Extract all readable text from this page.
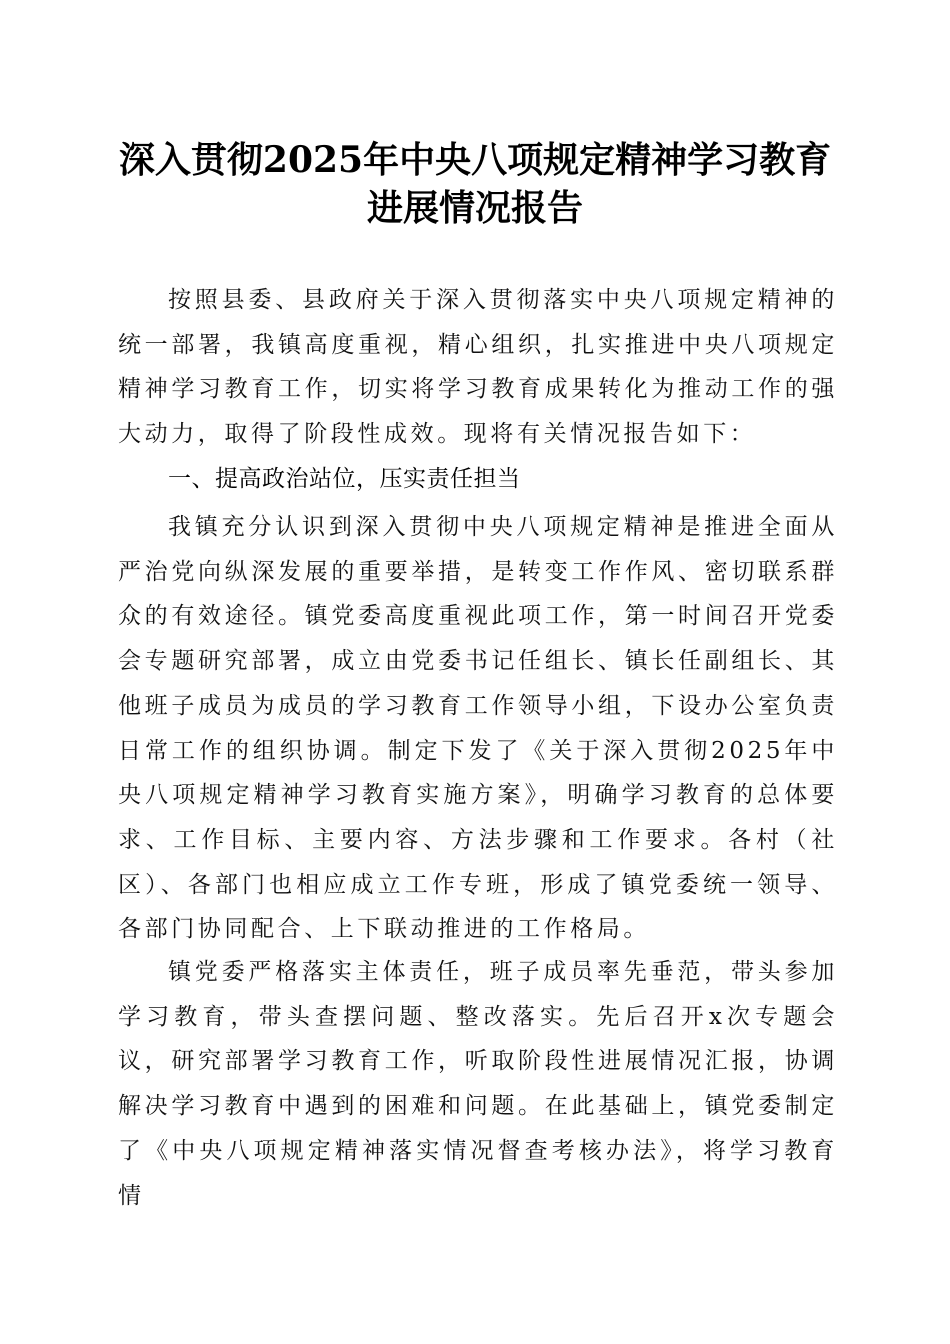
深入贯彻2025年中央八项规定精神学习教育
进展情况报告
按照县委、县政府关于深入贯彻落实中央八项规定精神的统一部署，我镇高度重视，精心组织，扎实推进中央八项规定精神学习教育工作，切实将学习教育成果转化为推动工作的强大动力，取得了阶段性成效。现将有关情况报告如下：
一、提高政治站位，压实责任担当
我镇充分认识到深入贯彻中央八项规定精神是推进全面从严治党向纵深发展的重要举措，是转变工作作风、密切联系群众的有效途径。镇党委高度重视此项工作，第一时间召开党委会专题研究部署，成立由党委书记任组长、镇长任副组长、其他班子成员为成员的学习教育工作领导小组，下设办公室负责日常工作的组织协调。制定下发了《关于深入贯彻2025年中央八项规定精神学习教育实施方案》，明确学习教育的总体要求、工作目标、主要内容、方法步骤和工作要求。各村（社区）、各部门也相应成立工作专班，形成了镇党委统一领导、各部门协同配合、上下联动推进的工作格局。
镇党委严格落实主体责任，班子成员率先垂范，带头参加学习教育，带头查摆问题、整改落实。先后召开x次专题会议，研究部署学习教育工作，听取阶段性进展情况汇报，协调解决学习教育中遇到的困难和问题。在此基础上，镇党委制定了《中央八项规定精神落实情况督查考核办法》，将学习教育情
